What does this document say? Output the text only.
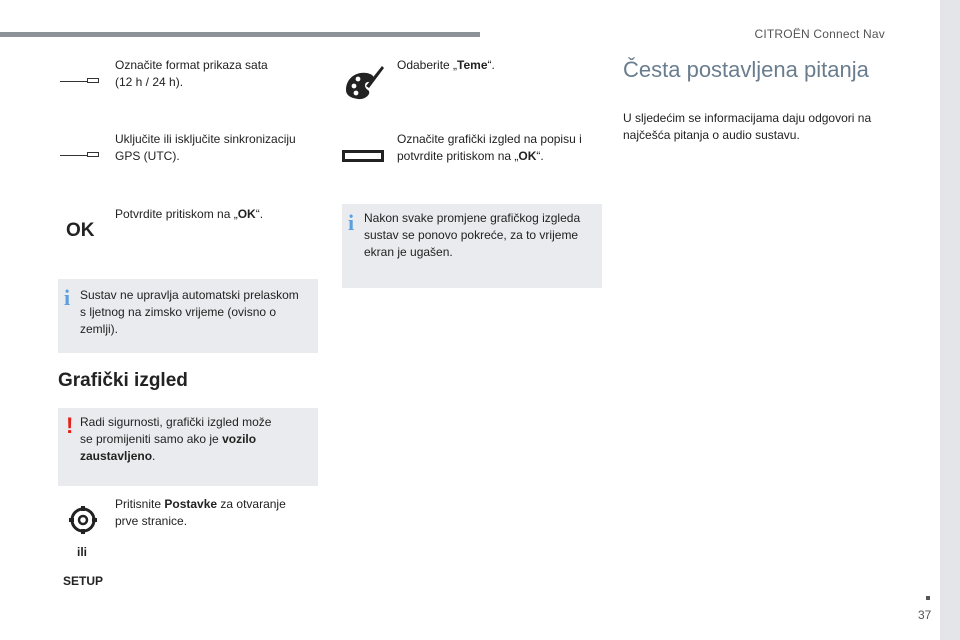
CITROËN Connect Nav
37
Označite format prikaza sata
(12 h / 24 h).
Uključite ili isključite sinkronizaciju
GPS (UTC).
OK
Potvrdite pritiskom na „OK“.
i Sustav ne upravlja automatski prelaskom
s ljetnog na zimsko vrijeme (ovisno o
zemlji).
Grafički izgled
! Radi sigurnosti, grafički izgled može
se promijeniti samo ako je vozilo
zaustavljeno.
ili
SETUP
Pritisnite Postavke za otvaranje
prve stranice.
Odaberite „Teme“.
Označite grafički izgled na popisu i
potvrdite pritiskom na „OK“.
i Nakon svake promjene grafičkog izgleda
sustav se ponovo pokreće, za to vrijeme
ekran je ugašen.
Česta postavljena pitanja
U sljedećim se informacijama daju odgovori na
najčešća pitanja o audio sustavu.
